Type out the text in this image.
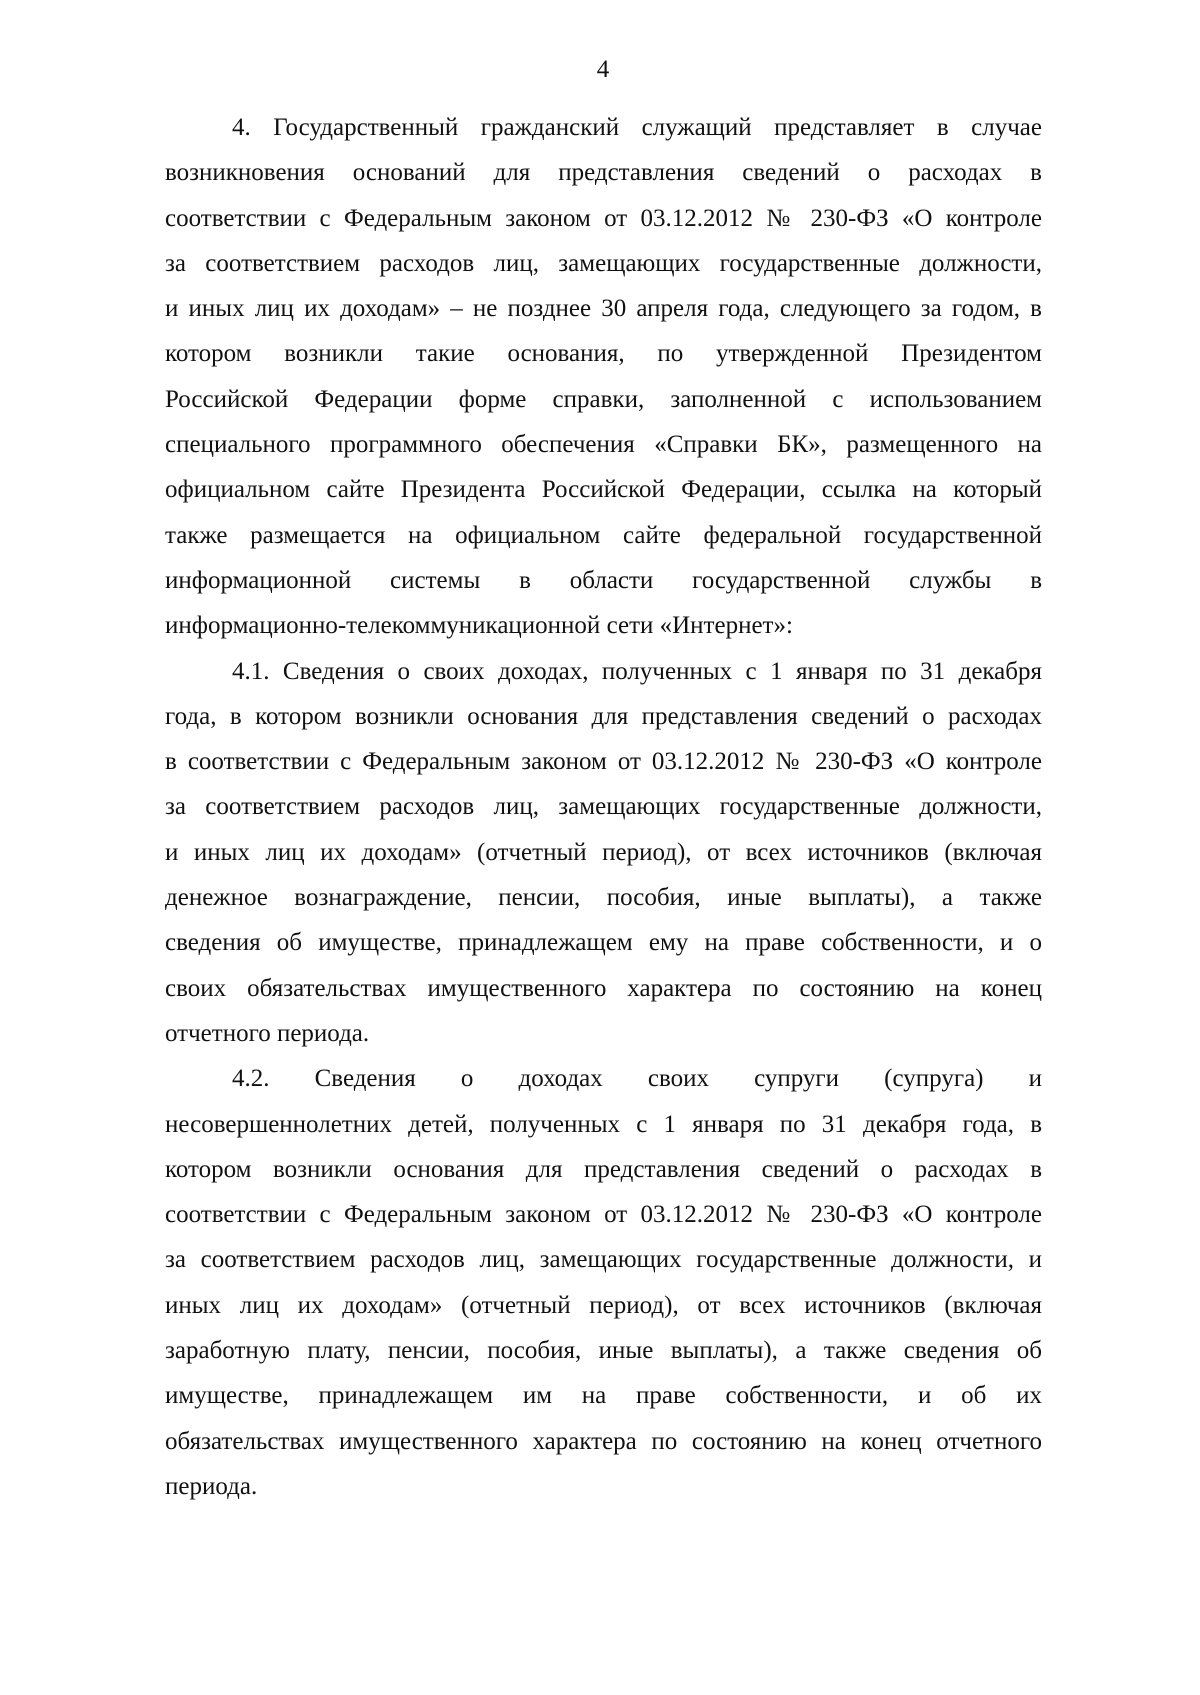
4
4. Государственный гражданский служащий представляет в случае
возникновения оснований для представления сведений о расходах в
соответствии с Федеральным законом от 03.12.2012 № 230-ФЗ «О контроле
за соответствием расходов лиц, замещающих государственные должности,
и иных лиц их доходам» – не позднее 30 апреля года, следующего за годом, в
котором возникли такие основания, по утвержденной Президентом
Российской Федерации форме справки, заполненной с использованием
специального программного обеспечения «Справки БК», размещенного на
официальном сайте Президента Российской Федерации, ссылка на который
также размещается на официальном сайте федеральной государственной
информационной системы в области государственной службы в
информационно-телекоммуникационной сети «Интернет»:
4.1. Сведения о своих доходах, полученных с 1 января по 31 декабря
года, в котором возникли основания для представления сведений о расходах
в соответствии с Федеральным законом от 03.12.2012 № 230-ФЗ «О контроле
за соответствием расходов лиц, замещающих государственные должности,
и иных лиц их доходам» (отчетный период), от всех источников (включая
денежное вознаграждение, пенсии, пособия, иные выплаты), а также
сведения об имуществе, принадлежащем ему на праве собственности, и о
своих обязательствах имущественного характера по состоянию на конец
отчетного периода.
4.2. Сведения о доходах своих супруги (супруга) и
несовершеннолетних детей, полученных с 1 января по 31 декабря года, в
котором возникли основания для представления сведений о расходах в
соответствии с Федеральным законом от 03.12.2012 № 230-ФЗ «О контроле
за соответствием расходов лиц, замещающих государственные должности, и
иных лиц их доходам» (отчетный период), от всех источников (включая
заработную плату, пенсии, пособия, иные выплаты), а также сведения об
имуществе, принадлежащем им на праве собственности, и об их
обязательствах имущественного характера по состоянию на конец отчетного
периода.
